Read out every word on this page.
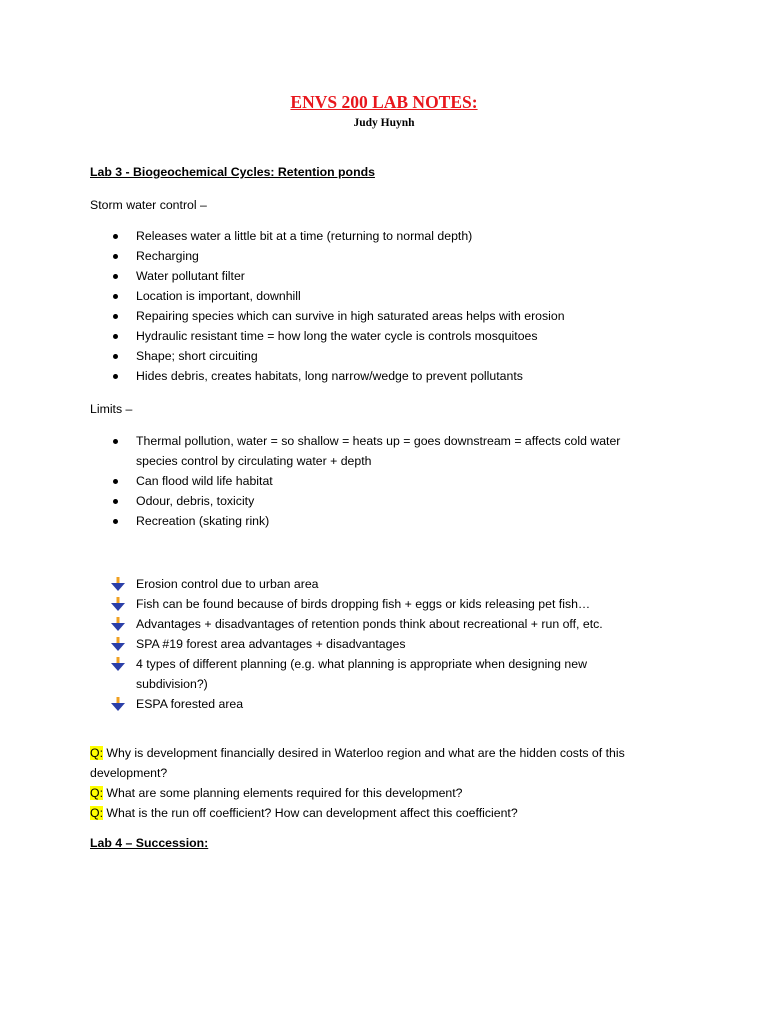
ENVS 200 LAB NOTES:
Judy Huynh
Lab 3 - Biogeochemical Cycles: Retention ponds
Storm water control –
Releases water a little bit at a time (returning to normal depth)
Recharging
Water pollutant filter
Location is important, downhill
Repairing species which can survive in high saturated areas helps with erosion
Hydraulic resistant time = how long the water cycle is controls mosquitoes
Shape; short circuiting
Hides debris, creates habitats, long narrow/wedge to prevent pollutants
Limits –
Thermal pollution, water = so shallow = heats up = goes downstream = affects cold water species control by circulating water + depth
Can flood wild life habitat
Odour, debris, toxicity
Recreation (skating rink)
Erosion control due to urban area
Fish can be found because of birds dropping fish + eggs or kids releasing pet fish…
Advantages + disadvantages of retention ponds think about recreational + run off, etc.
SPA #19 forest area advantages + disadvantages
4 types of different planning (e.g. what planning is appropriate when designing new subdivision?)
ESPA forested area
Q: Why is development financially desired in Waterloo region and what are the hidden costs of this development?
Q: What are some planning elements required for this development?
Q: What is the run off coefficient? How can development affect this coefficient?
Lab 4 – Succession:
